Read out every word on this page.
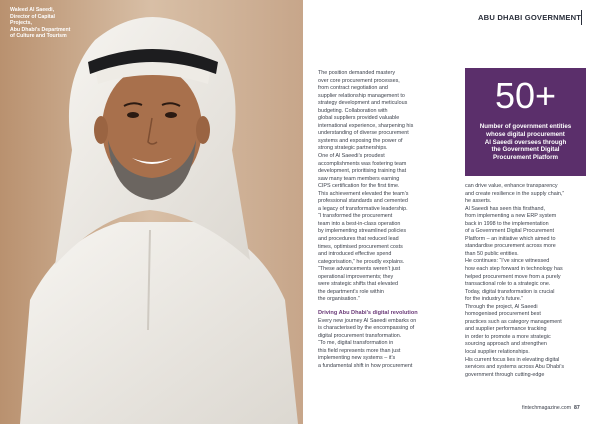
Waleed Al Saeedi,
Director of Capital
Projects,
Abu Dhabi’s Department
of Culture and Tourism
ABU DHABI GOVERNMENT
The position demanded mastery
over core procurement processes,
from contract negotiation and
supplier relationship management to
strategy development and meticulous
budgeting. Collaboration with
global suppliers provided valuable
international experience, sharpening his
understanding of diverse procurement
systems and exposing the power of
strong strategic partnerships.
One of Al Saeedi’s proudest
accomplishments was fostering team
development, prioritising training that
saw many team members earning
CIPS certification for the first time.
This achievement elevated the team’s
professional standards and cemented
a legacy of transformative leadership.
“I transformed the procurement
team into a best-in-class operation
by implementing streamlined policies
and procedures that reduced lead
times, optimised procurement costs
and introduced effective spend
categorisation,” he proudly explains.
“These advancements weren’t just
operational improvements; they
were strategic shifts that elevated
the department’s role within
the organisation.”
Driving Abu Dhabi’s digital revolution
Every new journey Al Saeedi embarks on
is characterised by the encompassing of
digital procurement transformation.
“To me, digital transformation in
this field represents more than just
implementing new systems – it’s
a fundamental shift in how procurement
50+
Number of government entities
whose digital procurement
Al Saeedi oversees through
the Government Digital
Procurement Platform
can drive value, enhance transparency
and create resilience in the supply chain,”
he asserts.
Al Saeedi has seen this firsthand,
from implementing a new ERP system
back in 1998 to the implementation
of a Government Digital Procurement
Platform – an initiative which aimed to
standardise procurement across more
than 50 public entities.
He continues: “I’ve since witnessed
how each step forward in technology has
helped procurement move from a purely
transactional role to a strategic one.
Today, digital transformation is crucial
for the industry’s future.”
Through the project, Al Saeedi
homogenised procurement best
practices such as category management
and supplier performance tracking
in order to promote a more strategic
sourcing approach and strengthen
local supplier relationships.
His current focus lies in elevating digital
services and systems across Abu Dhabi’s
government through cutting-edge
fintechmagazine.com 87
